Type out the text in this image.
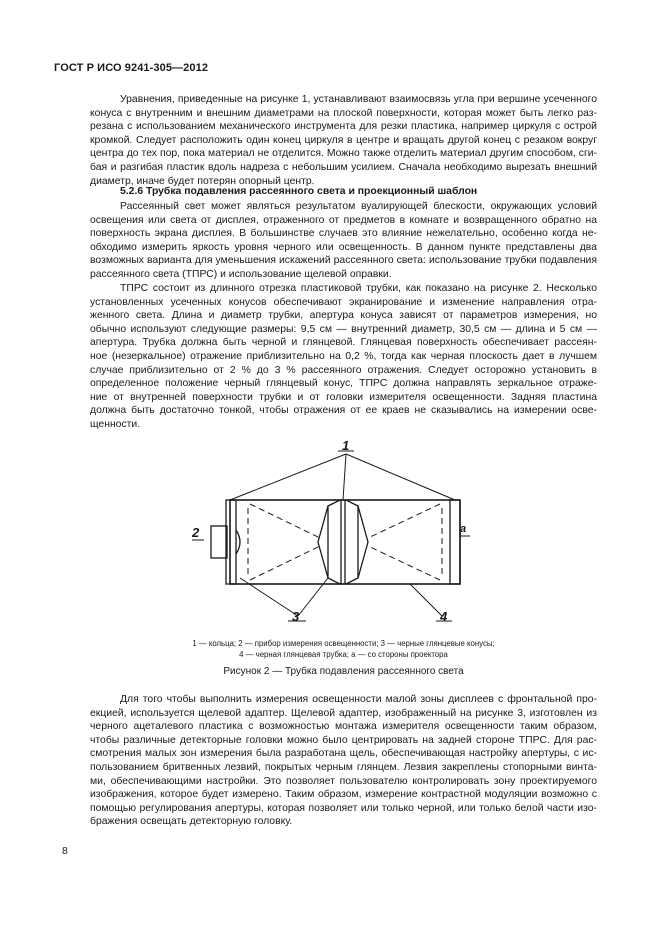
ГОСТ Р ИСО 9241-305—2012
Уравнения, приведенные на рисунке 1, устанавливают взаимосвязь угла при вершине усеченного
конуса с внутренним и внешним диаметрами на плоской поверхности, которая может быть легко раз-
резана с использованием механического инструмента для резки пластика, например циркуля с острой
кромкой. Следует расположить один конец циркуля в центре и вращать другой конец с резаком вокруг
центра до тех пор, пока материал не отделится. Можно также отделить материал другим способом, сги-
бая и разгибая пластик вдоль надреза с небольшим усилием. Сначала необходимо вырезать внешний
диаметр, иначе будет потерян опорный центр.
5.2.6 Трубка подавления рассеянного света и проекционный шаблон
Рассеянный свет может являться результатом вуалирующей блескости, окружающих условий
освещения или света от дисплея, отраженного от предметов в комнате и возвращенного обратно на
поверхность экрана дисплея. В большинстве случаев это влияние нежелательно, особенно когда не-
обходимо измерить яркость уровня черного или освещенность. В данном пункте представлены два
возможных варианта для уменьшения искажений рассеянного света: использование трубки подавления
рассеянного света (ТПРС) и использование щелевой оправки.
ТПРС состоит из длинного отрезка пластиковой трубки, как показано на рисунке 2. Несколько
установленных усеченных конусов обеспечивают экранирование и изменение направления отра-
женного света. Длина и диаметр трубки, апертура конуса зависят от параметров измерения, но
обычно используют следующие размеры: 9,5 см — внутренний диаметр, 30,5 см — длина и 5 см —
апертура. Трубка должна быть черной и глянцевой. Глянцевая поверхность обеспечивает рассеян-
ное (незеркальное) отражение приблизительно на 0,2 %, тогда как черная плоскость дает в лучшем
случае приблизительно от 2 % до 3 % рассеянного отражения. Следует осторожно установить в
определенное положение черный глянцевый конус, ТПРС должна направлять зеркальное отраже-
ние от внутренней поверхности трубки и от головки измерителя освещенности. Задняя пластина
должна быть достаточно тонкой, чтобы отражения от ее краев не сказывались на измерении осве-
щенности.
1
2
3	4
а
1 — кольца; 2 — прибор измерения освещенности; 3 — черные глянцевые конусы;
4 — черная глянцевая трубка; а — со стороны проектора
Рисунок 2 — Трубка подавления рассеянного света
Для того чтобы выполнить измерения освещенности малой зоны дисплеев с фронтальной про-
екцией, используется щелевой адаптер. Щелевой адаптер, изображенный на рисунке 3, изготовлен из
черного ацеталевого пластика с возможностью монтажа измерителя освещенности таким образом,
чтобы различные детекторные головки можно было центрировать на задней стороне ТПРС. Для рас-
смотрения малых зон измерения была разработана щель, обеспечивающая настройку апертуры, с ис-
пользованием бритвенных лезвий, покрытых черным глянцем. Лезвия закреплены стопорными винта-
ми, обеспечивающими настройки. Это позволяет пользователю контролировать зону проектируемого
изображения, которое будет измерено. Таким образом, измерение контрастной модуляции возможно с
помощью регулирования апертуры, которая позволяет или только черной, или только белой части изо-
бражения освещать детекторную головку.
8
